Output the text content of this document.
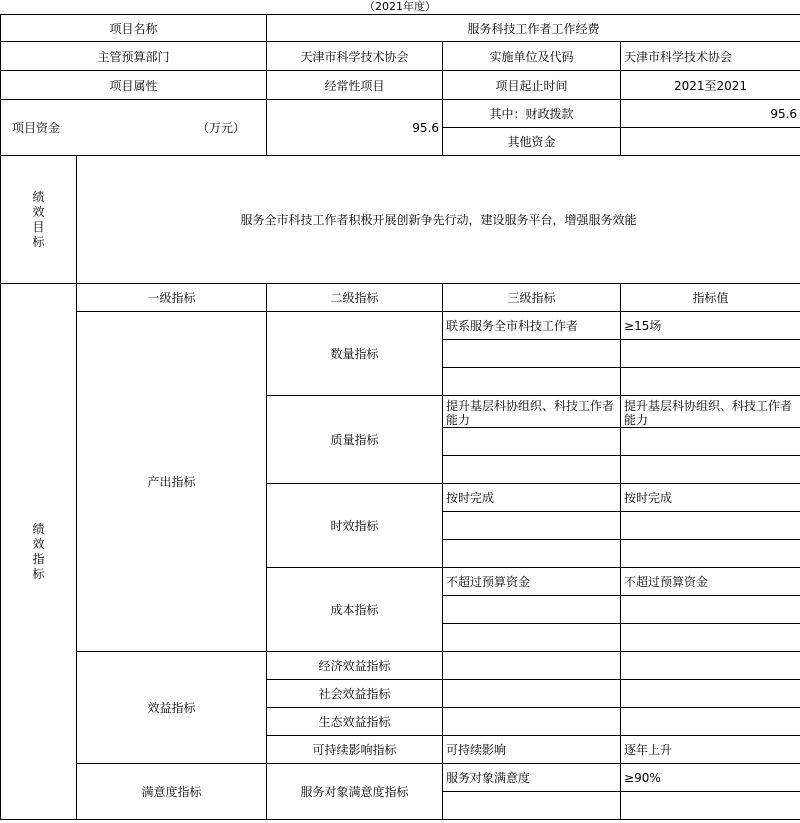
（2021年度）
项目名称		服务科技工作者工作经费		
主管预算部门		天津市科学技术协会	实施单位及代码	天津市科学技术协会
项目属性		经常性项目	项目起止时间	2021至2021

项目资金 （万元）		95.6	其中：财政拨款	95.6
			其他资金	
绩效目标	服务全市科技工作者积极开展创新争先行动，建设服务平台，增强服务效能			
绩效指标	一级指标	二级指标	三级指标	指标值
	产出指标	数量指标	联系服务全市科技工作者	≥15场

		质量指标	提升基层科协组织、科技工作者能力	提升基层科协组织、科技工作者能力

		时效指标	按时完成	按时完成

		成本指标	不超过预算资金	不超过预算资金

	效益指标	经济效益指标		
		社会效益指标		
		生态效益指标		
		可持续影响指标	可持续影响	逐年上升
	满意度指标	服务对象满意度指标	服务对象满意度	≥90%
